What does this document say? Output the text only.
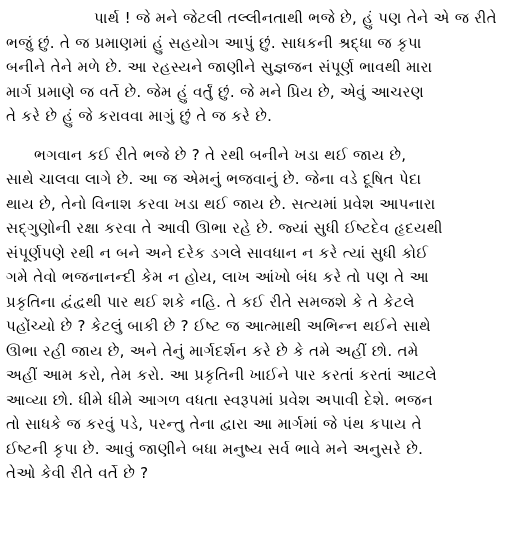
પાર્થ ! જે મને જેટલી તલ્લીનતાથી ભજે છે, હું પણ તેને એ જ રીતે
ભજું છું. તે જ પ્રમાણમાં હું સહયોગ આપું છું. સાધકની શ્રદ્ધા જ કૃપા
બનીને તેને મળે છે. આ રહસ્યને જાણીને સુજ્ઞજન સંપૂર્ણ ભાવથી મારા
માર્ગ પ્રમાણે જ વર્તે છે. જેમ હું વર્તું છું. જે મને પ્રિય છે, એવું આચરણ
તે કરે છે હું જે કરાવવા માગું છું તે જ કરે છે.
ભગવાન કઈ રીતે ભજે છે ? તે રથી બનીને ખડા થઈ જાય છે,
સાથે ચાલવા લાગે છે. આ જ એમનું ભજવાનું છે. જેના વડે દૂષિત પેદા
થાય છે, તેનો વિનાશ કરવા ખડા થઈ જાય છે. સત્યમાં પ્રવેશ આપનારા
સદ્‌ગુણોની રક્ષા કરવા તે આવી ઊભા રહે છે. જ્યાં સુધી ઈષ્ટદેવ હૃદયથી
સંપૂર્ણપણે રથી ન બને અને દરેક ડગલે સાવધાન ન કરે ત્યાં સુધી કોઈ
ગમે તેવો ભજનાનન્દી કેમ ન હોય, લાખ આંખો બંધ કરે તો પણ તે આ
પ્રકૃતિના દ્વંદ્વથી પાર થઈ શકે નહિ. તે કઈ રીતે સમજશે કે તે કેટલે
પહોંચ્યો છે ? કેટલું બાકી છે ? ઈષ્ટ જ આત્માથી અભિન્ન થઈને સાથે
ઊભા રહી જાય છે, અને તેનું માર્ગદર્શન કરે છે કે તમે અહીં છો. તમે
અહીં આમ કરો, તેમ કરો. આ પ્રકૃતિની ખાઈને પાર કરતાં કરતાં આટલે
આવ્યા છો. ધીમે ધીમે આગળ વધતા સ્વરૂપમાં પ્રવેશ અપાવી દેશે. ભજન
તો સાધકે જ કરવું પડે, પરન્તુ તેના દ્વારા આ માર્ગમાં જે પંથ કપાય તે
ઈષ્ટની કૃપા છે. આવું જાણીને બધા મનુષ્ય સર્વ ભાવે મને અનુસરે છે.
તેઓ કેવી રીતે વર્તે છે ?
